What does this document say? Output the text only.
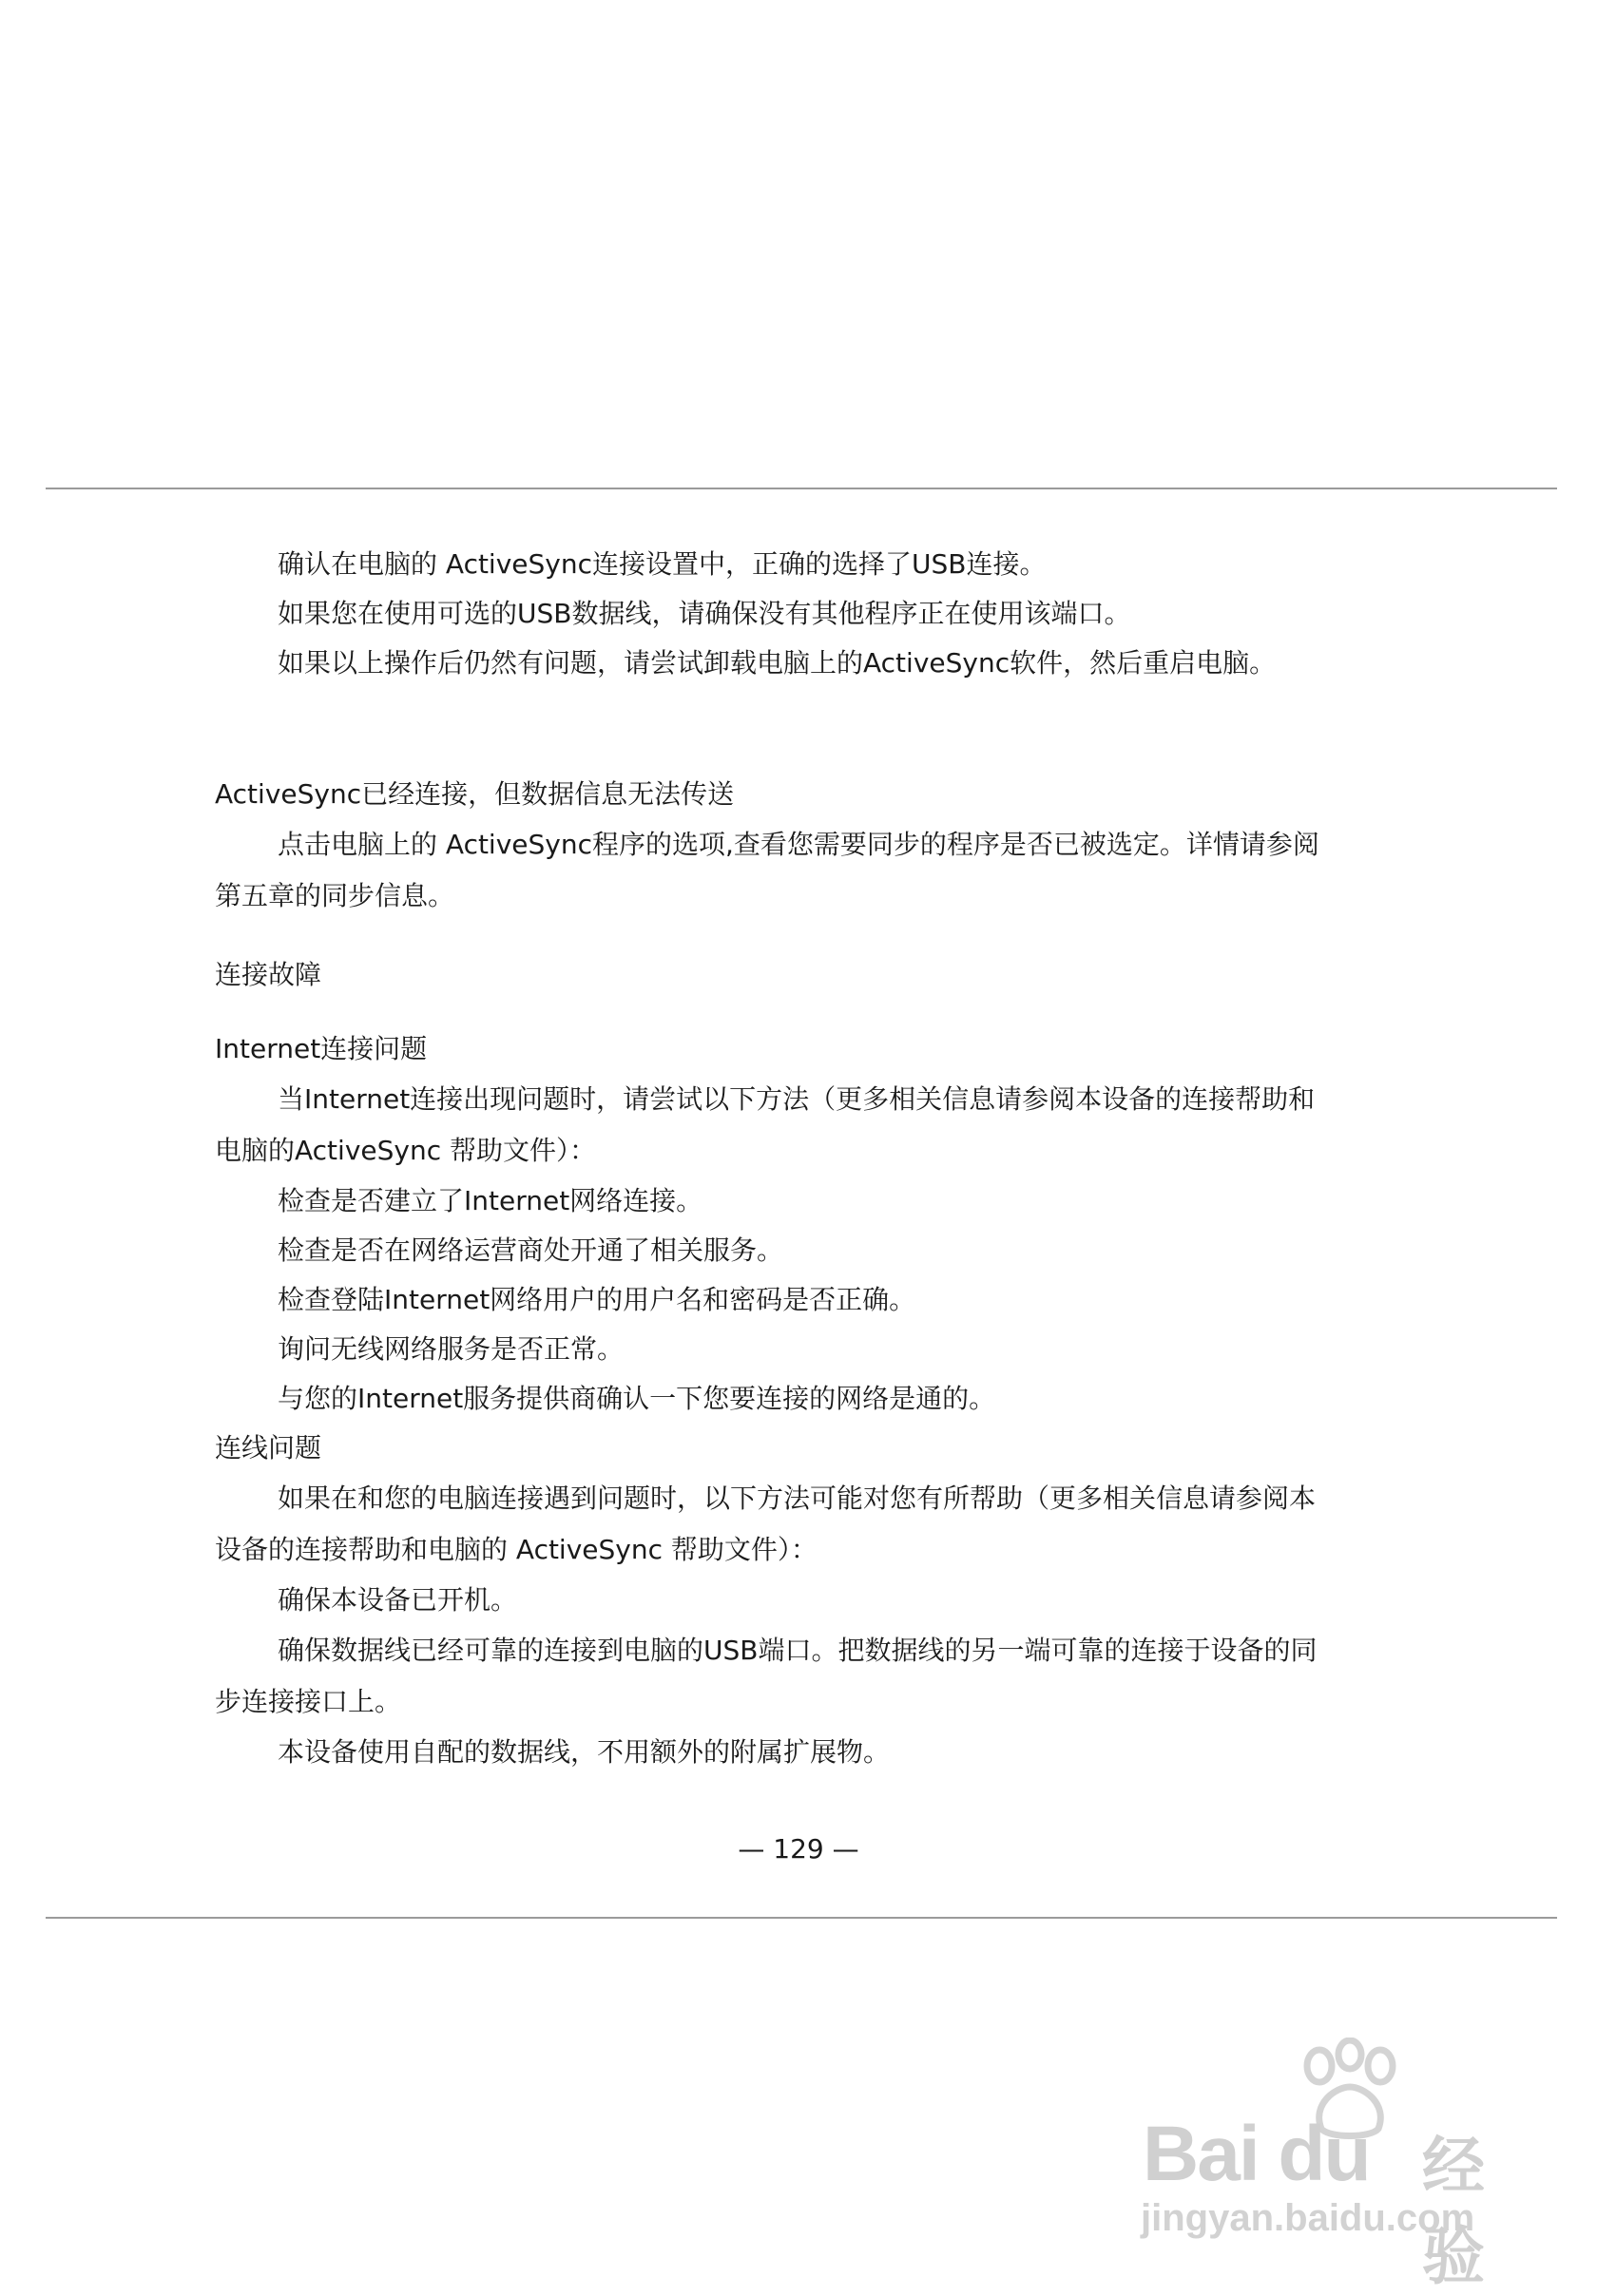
确认在电脑的 ActiveSync连接设置中，正确的选择了USB连接。
如果您在使用可选的USB数据线，请确保没有其他程序正在使用该端口。
如果以上操作后仍然有问题，请尝试卸载电脑上的ActiveSync软件，然后重启电脑。
ActiveSync已经连接，但数据信息无法传送
点击电脑上的 ActiveSync程序的选项,查看您需要同步的程序是否已被选定。详情请参阅
第五章的同步信息。
连接故障
Internet连接问题
当Internet连接出现问题时，请尝试以下方法（更多相关信息请参阅本设备的连接帮助和
电脑的ActiveSync 帮助文件）：
检查是否建立了Internet网络连接。
检查是否在网络运营商处开通了相关服务。
检查登陆Internet网络用户的用户名和密码是否正确。
询问无线网络服务是否正常。
与您的Internet服务提供商确认一下您要连接的网络是通的。
连线问题
如果在和您的电脑连接遇到问题时，以下方法可能对您有所帮助（更多相关信息请参阅本
设备的连接帮助和电脑的 ActiveSync 帮助文件）：
确保本设备已开机。
确保数据线已经可靠的连接到电脑的USB端口。把数据线的另一端可靠的连接于设备的同
步连接接口上。
本设备使用自配的数据线，不用额外的附属扩展物。
— 129 —
Bai du 经验
jingyan.baidu.com
